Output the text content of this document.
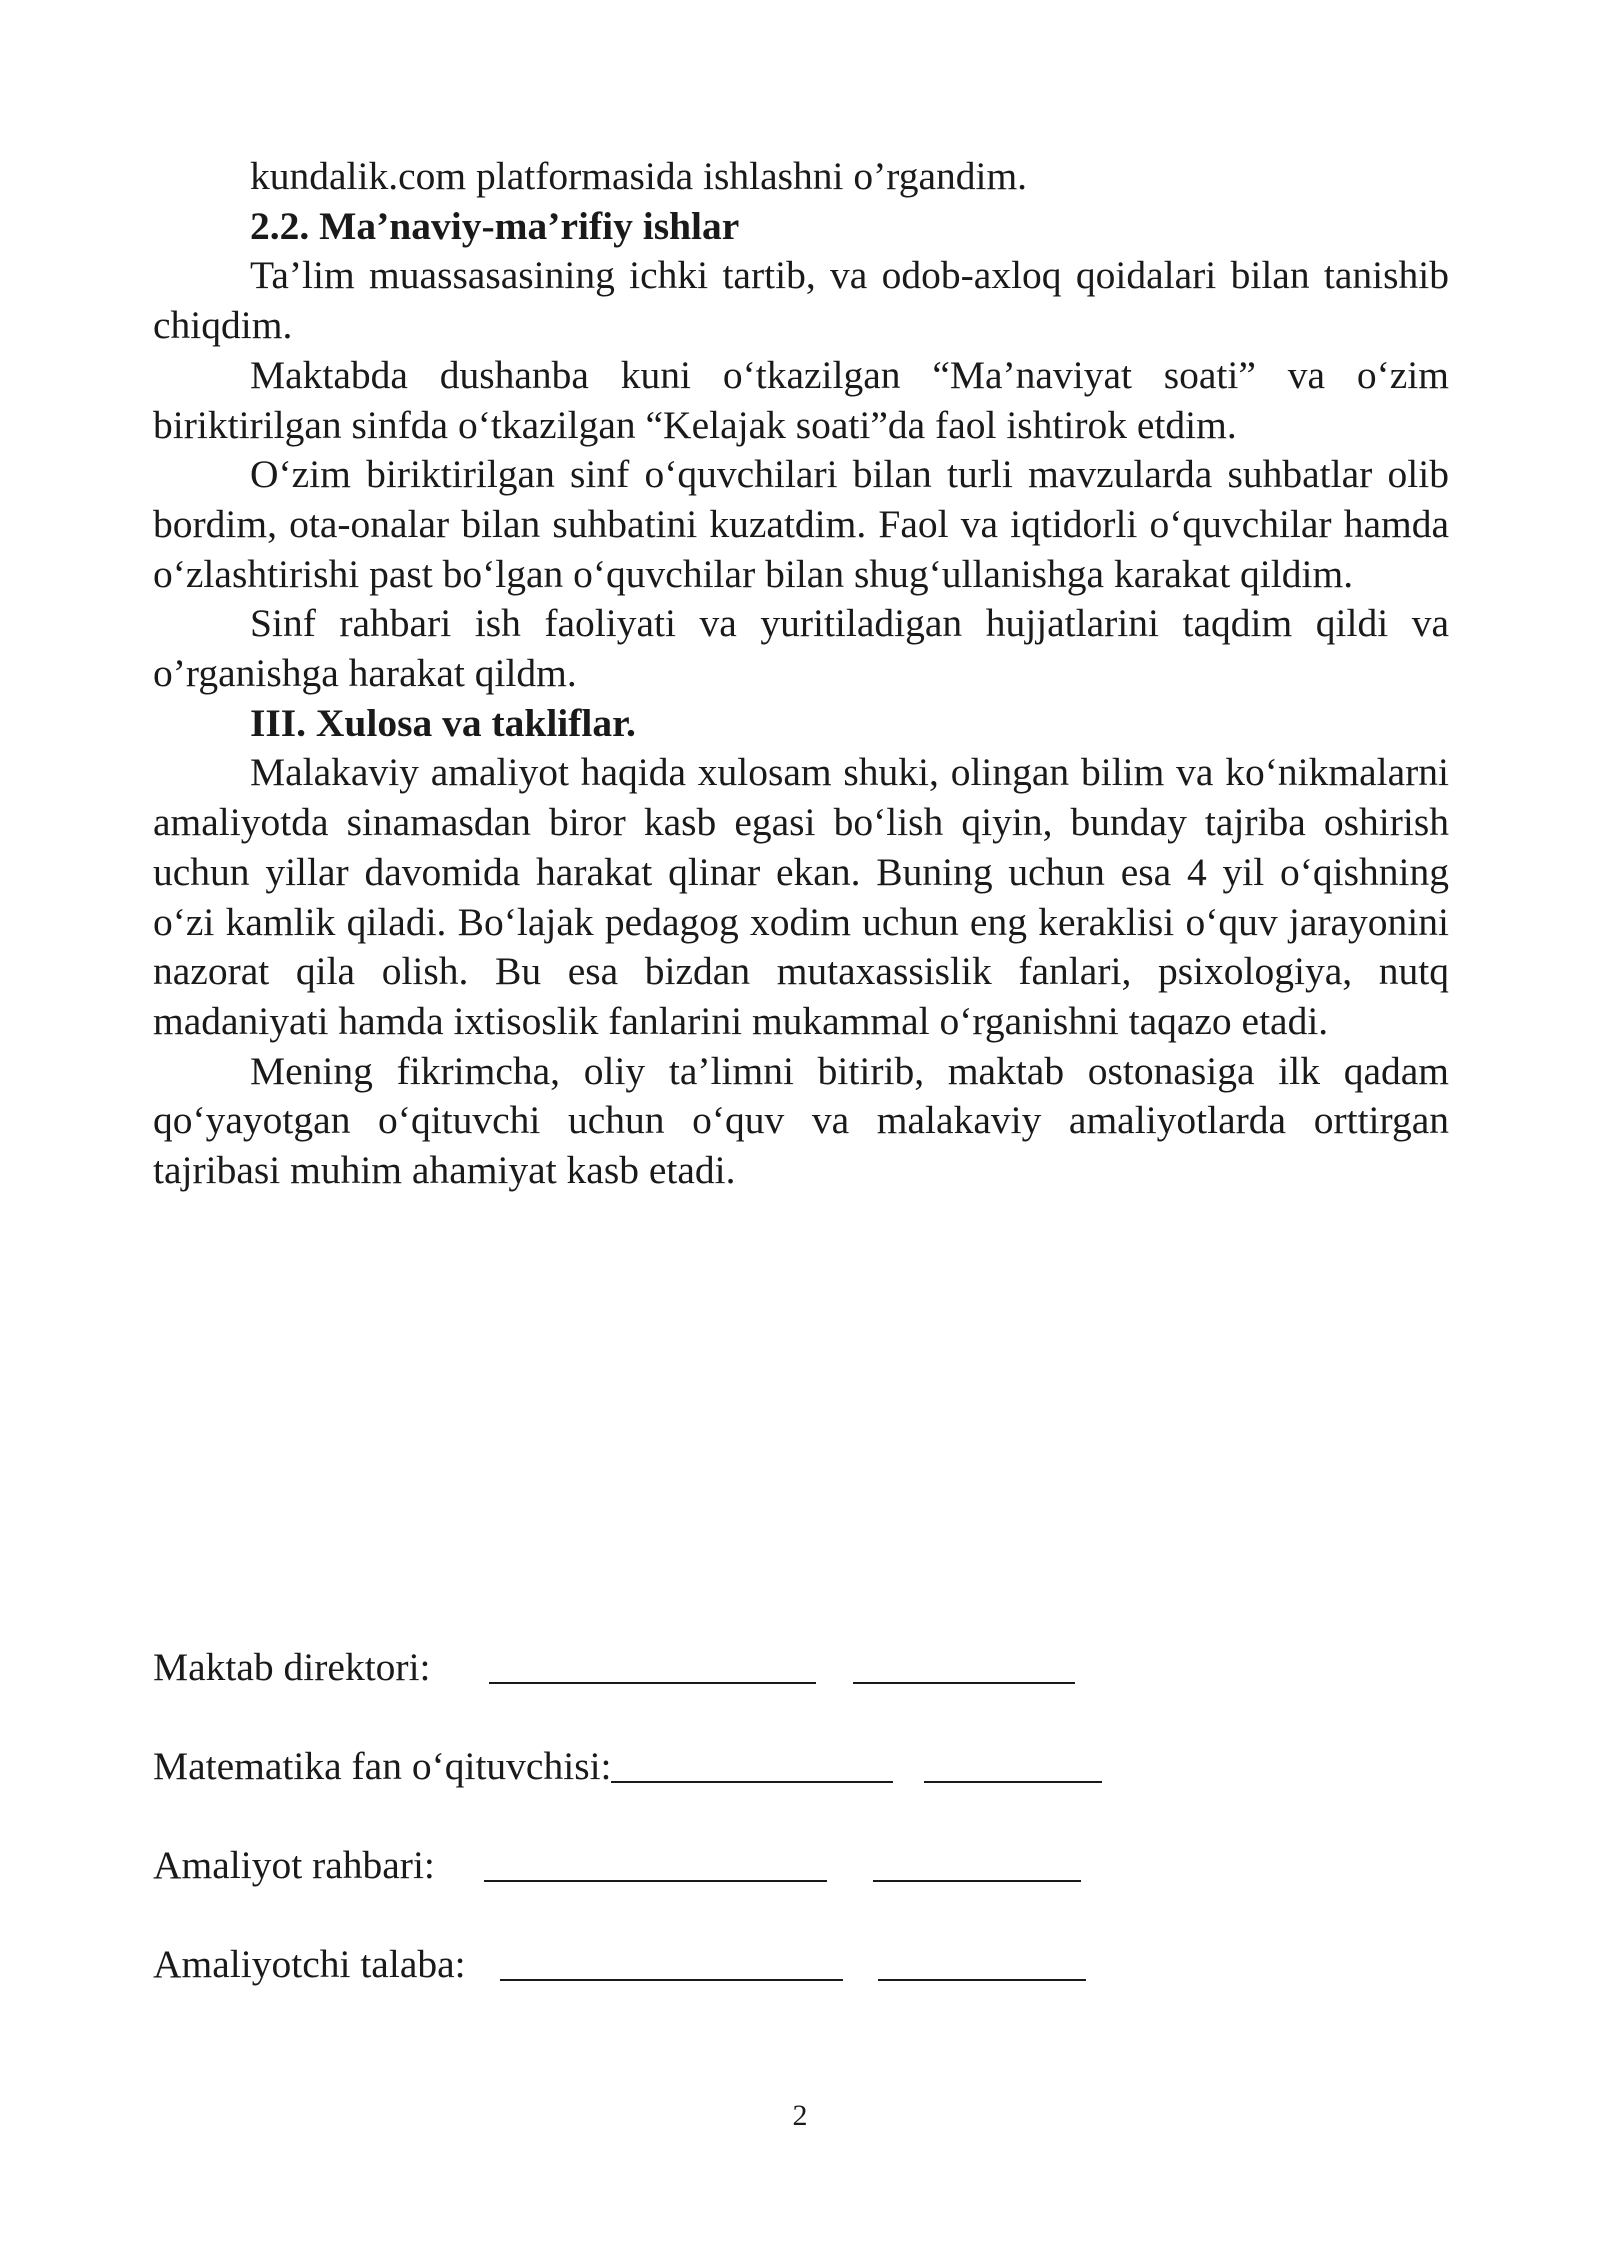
kundalik.com platformasida ishlashni o’rgandim.

2.2. Ma’naviy-ma’rifiy ishlar

Ta’lim muassasasining ichki tartib, va odob-axloq qoidalari bilan tanishib chiqdim.

Maktabda dushanba kuni oʻtkazilgan “Ma’naviyat soati” va oʻzim biriktirilgan sinfda oʻtkazilgan “Kelajak soati”da faol ishtirok etdim.

Oʻzim biriktirilgan sinf oʻquvchilari bilan turli mavzularda suhbatlar olib bordim, ota-onalar bilan suhbatini kuzatdim. Faol va iqtidorli oʻquvchilar hamda oʻzlashtirishi past boʻlgan oʻquvchilar bilan shugʻullanishga karakat qildim.

Sinf rahbari ish faoliyati va yuritiladigan hujjatlarini taqdim qildi va o’rganishga harakat qildm.

III. Xulosa va takliflar.

Malakaviy amaliyot haqida xulosam shuki, olingan bilim va koʻnikmalarni amaliyotda sinamasdan biror kasb egasi boʻlish qiyin, bunday tajriba oshirish uchun yillar davomida harakat qlinar ekan. Buning uchun esa 4 yil oʻqishning oʻzi kamlik qiladi. Boʻlajak pedagog xodim uchun eng keraklisi oʻquv jarayonini nazorat qila olish. Bu esa bizdan mutaxassislik fanlari, psixologiya, nutq madaniyati hamda ixtisoslik fanlarini mukammal oʻrganishni taqazo etadi.

Mening fikrimcha, oliy ta’limni bitirib, maktab ostonasiga ilk qadam qoʻyayotgan oʻqituvchi uchun oʻquv va malakaviy amaliyotlarda orttirgan tajribasi muhim ahamiyat kasb etadi.

Maktab direktori:
Matematika fan oʻqituvchisi:
Amaliyot rahbari:
Amaliyotchi talaba:
2
